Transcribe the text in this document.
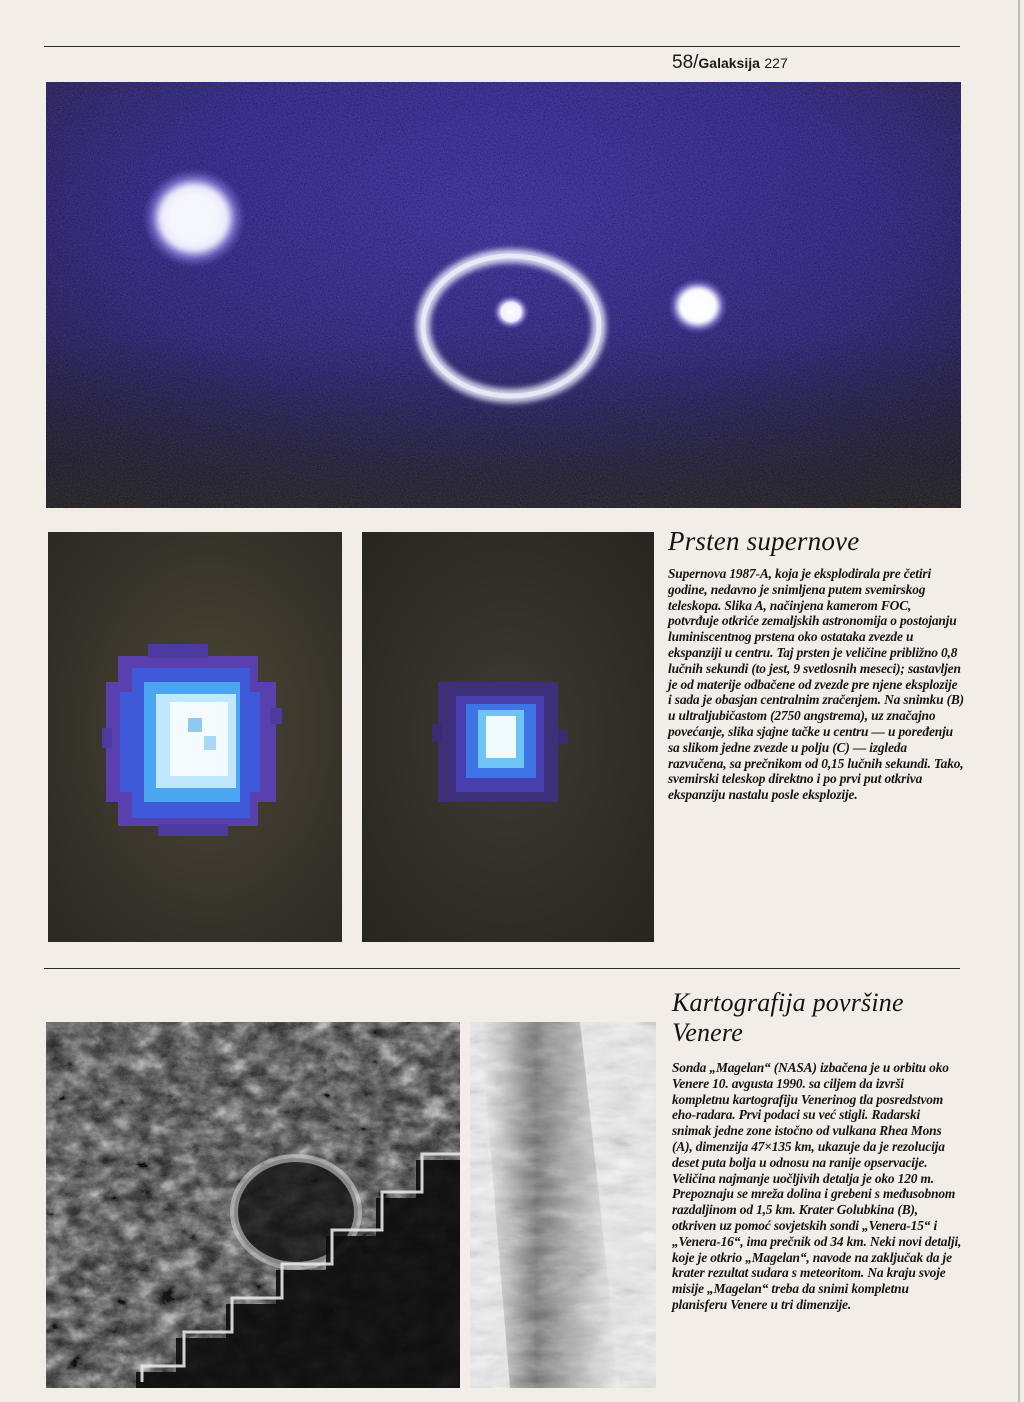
58/Galaksija 227
Prsten supernove

Supernova 1987-A, koja je eksplodirala pre četiri godine, nedavno je snimljena putem svemirskog teleskopa. Slika A, načinjena kamerom FOC, potvrđuje otkriće zemaljskih astronomija o postojanju luminiscentnog prstena oko ostataka zvezde u ekspanziji u centru. Taj prsten je veličine približno 0,8 lučnih sekundi (to jest, 9 svetlosnih meseci); sastavljen je od materije odbačene od zvezde pre njene eksplozije i sada je obasjan centralnim zračenjem. Na snimku (B) u ultraljubičastom (2750 angstrema), uz značajno povećanje, slika sjajne tačke u centru — u poređenju sa slikom jedne zvezde u polju (C) — izgleda razvučena, sa prečnikom od 0,15 lučnih sekundi. Tako, svemirski teleskop direktno i po prvi put otkriva ekspanziju nastalu posle eksplozije.

Kartografija površine Venere

Sonda „Magelan“ (NASA) izbačena je u orbitu oko Venere 10. avgusta 1990. sa ciljem da izvrši kompletnu kartografiju Venerinog tla posredstvom eho-radara. Prvi podaci su već stigli. Radarski snimak jedne zone istočno od vulkana Rhea Mons (A), dimenzija 47×135 km, ukazuje da je rezolucija deset puta bolja u odnosu na ranije opservacije. Veličina najmanje uočljivih detalja je oko 120 m. Prepoznaju se mreža dolina i grebeni s međusobnom razdaljinom od 1,5 km. Krater Golubkina (B), otkriven uz pomoć sovjetskih sondi „Venera-15“ i „Venera-16“, ima prečnik od 34 km. Neki novi detalji, koje je otkrio „Magelan“, navode na zaključak da je krater rezultat sudara s meteoritom. Na kraju svoje misije „Magelan“ treba da snimi kompletnu planisferu Venere u tri dimenzije.
